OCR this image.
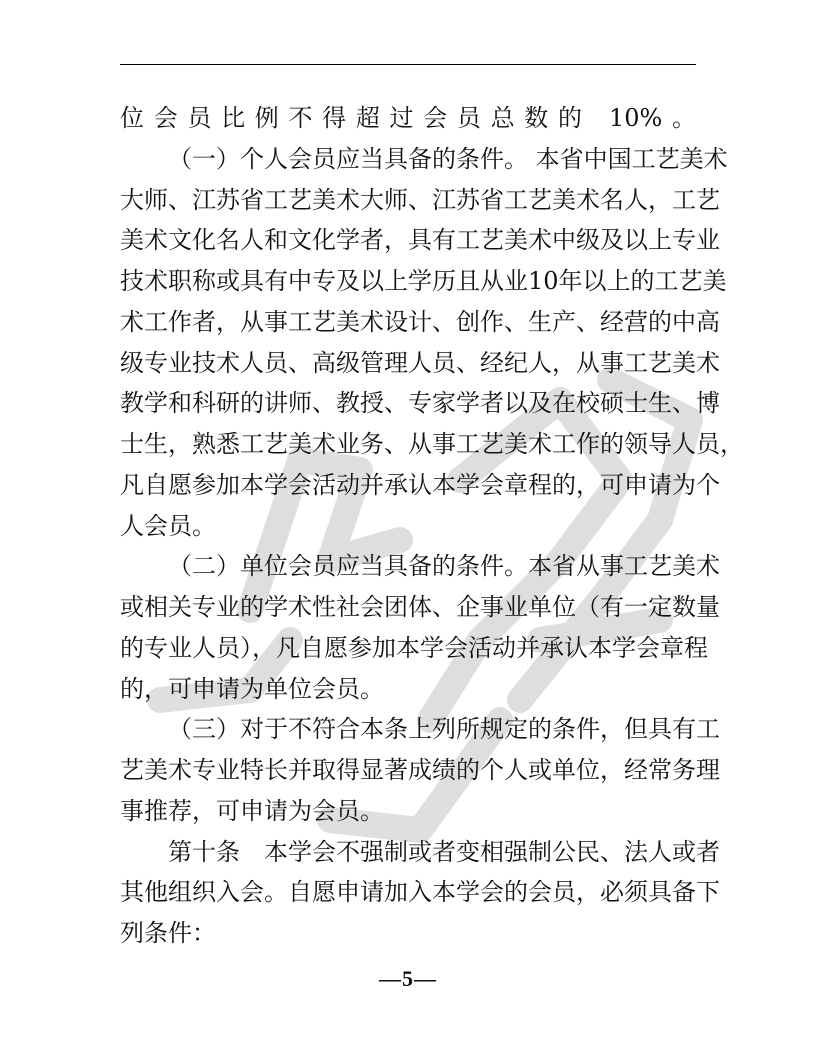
位会员比例不得超过会员总数的 10%。
（一）个人会员应当具备的条件。 本省中国工艺美术
大师、江苏省工艺美术大师、江苏省工艺美术名人，工艺
美术文化名人和文化学者，具有工艺美术中级及以上专业
技术职称或具有中专及以上学历且从业10年以上的工艺美
术工作者，从事工艺美术设计、创作、生产、经营的中高
级专业技术人员、高级管理人员、经纪人，从事工艺美术
教学和科研的讲师、教授、专家学者以及在校硕士生、博
士生，熟悉工艺美术业务、从事工艺美术工作的领导人员，
凡自愿参加本学会活动并承认本学会章程的，可申请为个
人会员。
（二）单位会员应当具备的条件。本省从事工艺美术
或相关专业的学术性社会团体、企事业单位（有一定数量
的专业人员），凡自愿参加本学会活动并承认本学会章程
的，可申请为单位会员。
（三）对于不符合本条上列所规定的条件，但具有工
艺美术专业特长并取得显著成绩的个人或单位，经常务理
事推荐，可申请为会员。
第十条　本学会不强制或者变相强制公民、法人或者
其他组织入会。自愿申请加入本学会的会员，必须具备下
列条件：
—5—
